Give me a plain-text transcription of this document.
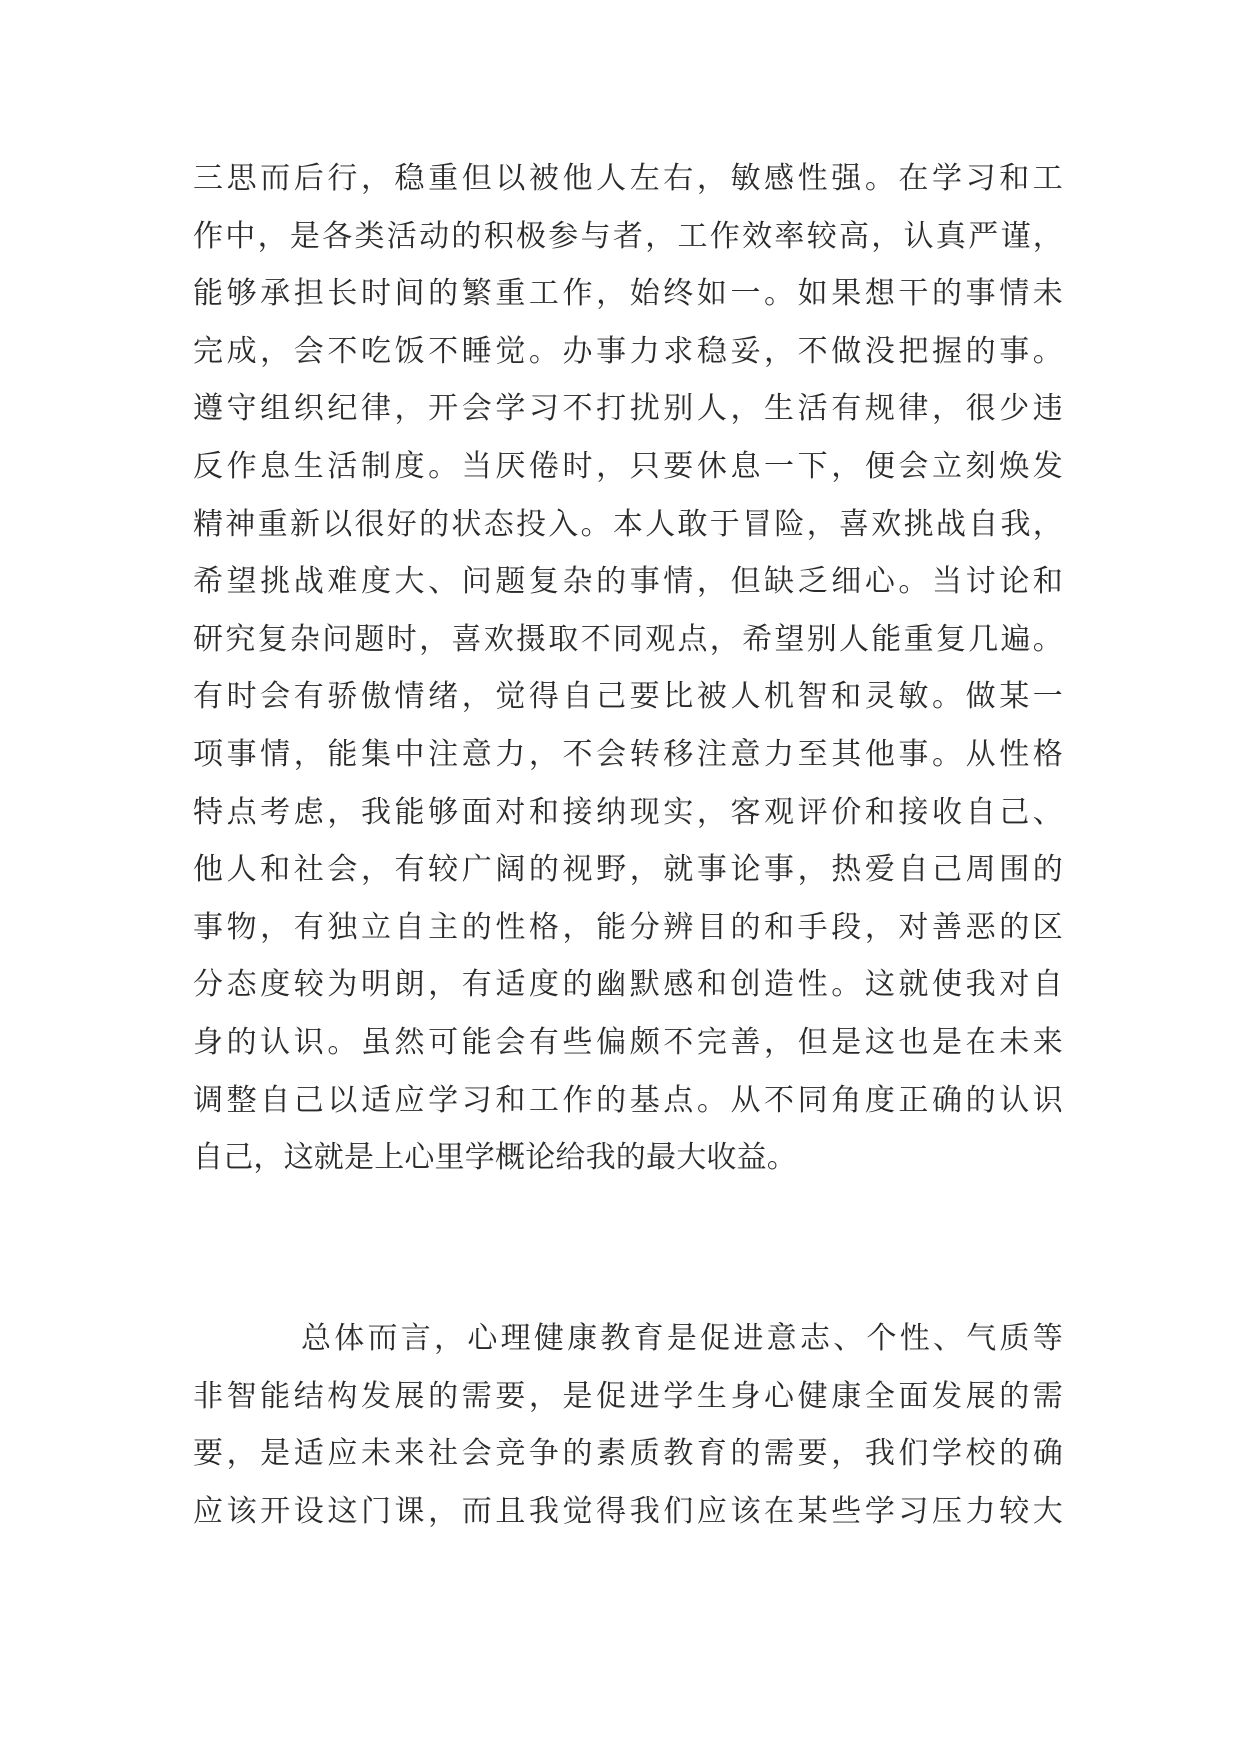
三思而后行，稳重但以被他人左右，敏感性强。在学习和工
作中，是各类活动的积极参与者，工作效率较高，认真严谨，
能够承担长时间的繁重工作，始终如一。如果想干的事情未
完成，会不吃饭不睡觉。办事力求稳妥，不做没把握的事。
遵守组织纪律，开会学习不打扰别人，生活有规律，很少违
反作息生活制度。当厌倦时，只要休息一下，便会立刻焕发
精神重新以很好的状态投入。本人敢于冒险，喜欢挑战自我，
希望挑战难度大、问题复杂的事情，但缺乏细心。当讨论和
研究复杂问题时，喜欢摄取不同观点，希望别人能重复几遍。
有时会有骄傲情绪，觉得自己要比被人机智和灵敏。做某一
项事情，能集中注意力，不会转移注意力至其他事。从性格
特点考虑，我能够面对和接纳现实，客观评价和接收自己、
他人和社会，有较广阔的视野，就事论事，热爱自己周围的
事物，有独立自主的性格，能分辨目的和手段，对善恶的区
分态度较为明朗，有适度的幽默感和创造性。这就使我对自
身的认识。虽然可能会有些偏颇不完善，但是这也是在未来
调整自己以适应学习和工作的基点。从不同角度正确的认识
自己，这就是上心里学概论给我的最大收益。
总体而言，心理健康教育是促进意志、个性、气质等
非智能结构发展的需要，是促进学生身心健康全面发展的需
要，是适应未来社会竞争的素质教育的需要，我们学校的确
应该开设这门课，而且我觉得我们应该在某些学习压力较大
